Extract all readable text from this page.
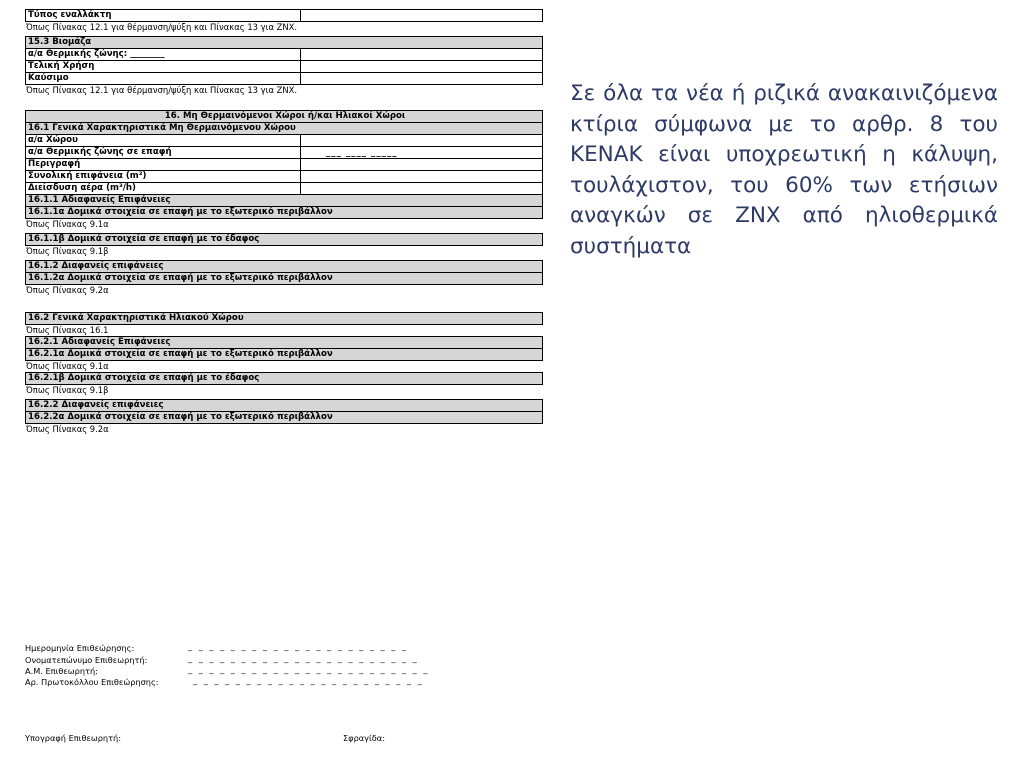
Τύπος εναλλάκτη
Όπως Πίνακας 12.1 για θέρμανση/ψύξη και Πίνακας 13 για ΖΝΧ.
15.3 Βιομάζα
α/α Θερμικής ζώνης: ________
Τελική Χρήση
Καύσιμο
Όπως Πίνακας 12.1 για θέρμανση/ψύξη και Πίνακας 13 για ΖΝΧ.
16. Μη Θερμαινόμενοι Χώροι ή/και Ηλιακοί Χώροι
16.1 Γενικά Χαρακτηριστικά Μη Θερμαινόμενου Χώρου
α/α Χώρου
α/α Θερμικής ζώνης σε επαφή	___ ____ _____
Περιγραφή
Συνολική επιφάνεια (m²)
Διείσδυση αέρα (m³/h)
16.1.1 Αδιαφανείς Επιφάνειες
16.1.1α Δομικά στοιχεία σε επαφή με το εξωτερικό περιβάλλον
Όπως Πίνακας 9.1α
16.1.1β Δομικά στοιχεία σε επαφή με το έδαφος
Όπως Πίνακας 9.1β
16.1.2 Διαφανείς επιφάνειες
16.1.2α Δομικά στοιχεία σε επαφή με το εξωτερικό περιβάλλον
Όπως Πίνακας 9.2α
16.2 Γενικά Χαρακτηριστικά Ηλιακού Χώρου
Όπως Πίνακας 16.1
16.2.1 Αδιαφανείς Επιφάνειες
16.2.1α Δομικά στοιχεία σε επαφή με το εξωτερικό περιβάλλον
Όπως Πίνακας 9.1α
16.2.1β Δομικά στοιχεία σε επαφή με το έδαφος
Όπως Πίνακας 9.1β
16.2.2 Διαφανείς επιφάνειες
16.2.2α Δομικά στοιχεία σε επαφή με το εξωτερικό περιβάλλον
Όπως Πίνακας 9.2α
Ημερομηνία Επιθεώρησης:
Ονοματεπώνυμο Επιθεωρητή:
Α.Μ. Επιθεωρητή:
Αρ. Πρωτοκόλλου Επιθεώρησης:
_ _ _ _ _ _ _ _ _ _ _ _ _ _ _ _ _ _ _ _ _
_ _ _ _ _ _ _ _ _ _ _ _ _ _ _ _ _ _ _ _ _ _
_ _ _ _ _ _ _ _ _ _ _ _ _ _ _ _ _ _ _ _ _ _ _
_ _ _ _ _ _ _ _ _ _ _ _ _ _ _ _ _ _ _ _ _ _
Υπογραφή Επιθεωρητή:	Σφραγίδα:
Σε όλα τα νέα ή ριζικά ανακαινιζόμενα κτίρια σύμφωνα με το αρθρ. 8 του ΚΕΝΑΚ είναι υποχρεωτική η κάλυψη, τουλάχιστον, του 60% των ετήσιων αναγκών σε ΖΝΧ από ηλιοθερμικά συστήματα
